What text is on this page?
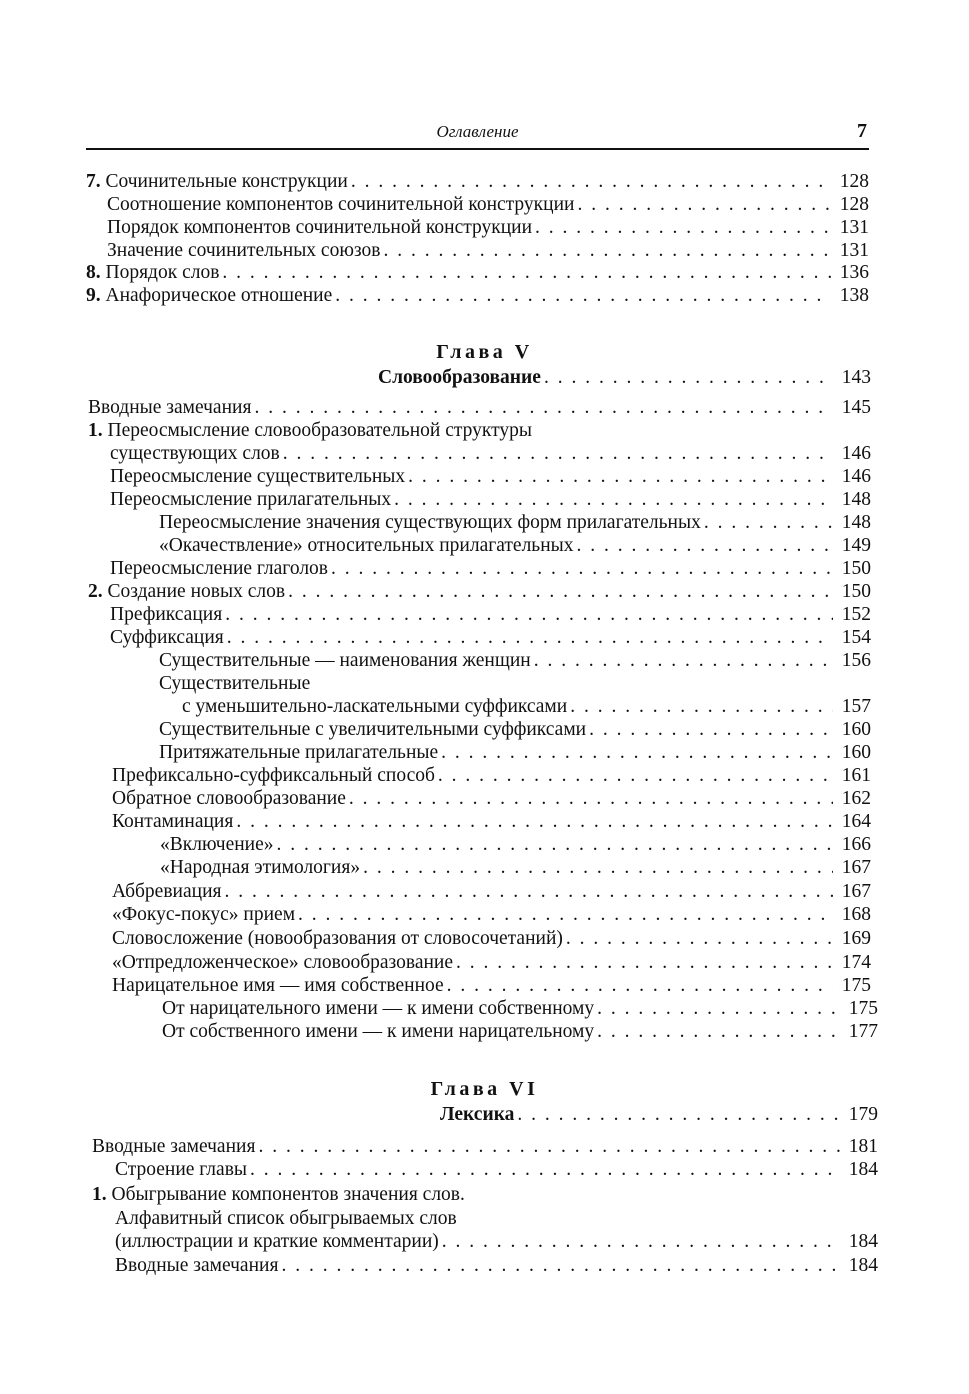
Оглавление	7
7. Сочинительные конструкции . . .	128
Соотношение компонентов сочинительной конструкции . . .	128
Порядок компонентов сочинительной конструкции . . .	131
Значение сочинительных союзов . . .	131
8. Порядок слов . . .	136
9. Анафорическое отношение . . .	138
Глава V
Словообразование . . .	143
Вводные замечания . . .	145
1. Переосмысление словообразовательной структуры
существующих слов . . .	146
Переосмысление существительных . . .	146
Переосмысление прилагательных . . .	148
Переосмысление значения существующих форм прилагательных . . .	148
«Окачествление» относительных прилагательных . . .	149
Переосмысление глаголов . . .	150
2. Создание новых слов . . .	150
Префиксация . . .	152
Суффиксация . . .	154
Существительные — наименования женщин . . .	156
Существительные
с уменьшительно-ласкательными суффиксами . . .	157
Существительные с увеличительными суффиксами . . .	160
Притяжательные прилагательные . . .	160
Префиксально-суффиксальный способ . . .	161
Обратное словообразование . . .	162
Контаминация . . .	164
«Включение» . . .	166
«Народная этимология» . . .	167
Аббревиация . . .	167
«Фокус-покус» прием . . .	168
Словосложение (новообразования от словосочетаний) . . .	169
«Отпредложенческое» словообразование . . .	174
Нарицательное имя — имя собственное . . .	175
От нарицательного имени — к имени собственному . . .	175
От собственного имени — к имени нарицательному . . .	177
Глава VI
Лексика . . .	179
Вводные замечания . . .	181
Строение главы . . .	184
1. Обыгрывание компонентов значения слов.
Алфавитный список обыгрываемых слов
(иллюстрации и краткие комментарии) . . .	184
Вводные замечания . . .	184
